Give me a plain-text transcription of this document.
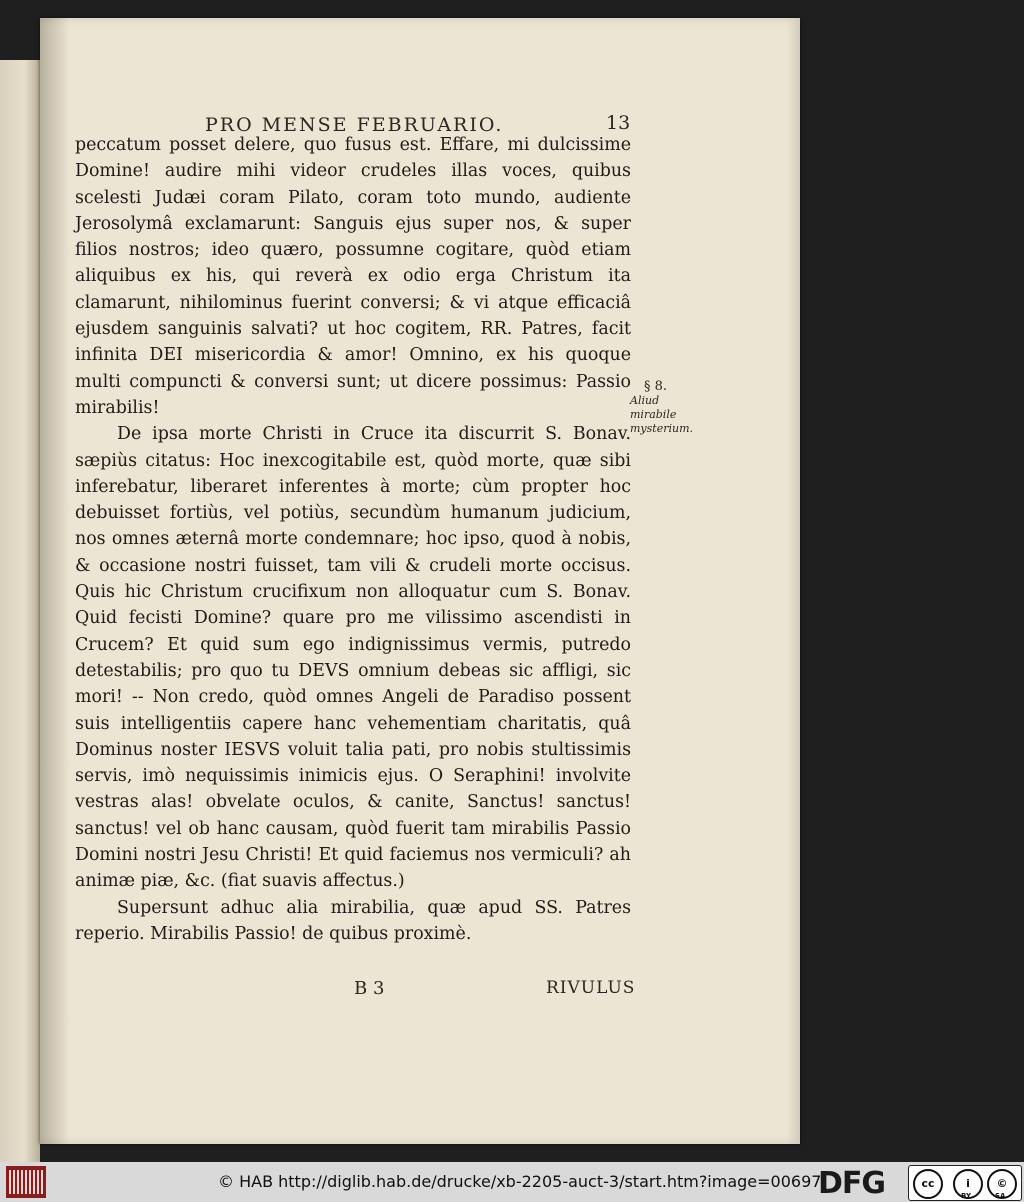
PRO MENSE FEBRUARIO.	13

peccatum posset delere, quo fusus est. Effare, mi dulcissime Domine! audire mihi videor crudeles illas voces, quibus scelesti Judæi coram Pilato, coram toto mundo, audiente Jerosolymâ exclamarunt: Sanguis ejus super nos, & super filios nostros; ideo quæro, possumne cogitare, quòd etiam aliquibus ex his, qui reverà ex odio erga Christum ita clamarunt, nihilominus fuerint conversi; & vi atque efficaciâ ejusdem sanguinis salvati? ut hoc cogitem, RR. Patres, facit infinita DEI misericordia & amor! Omnino, ex his quoque multi compuncti & conversi sunt; ut dicere possimus: Passio mirabilis!

De ipsa morte Christi in Cruce ita discurrit S. Bonav. sæpiùs citatus: Hoc inexcogitabile est, quòd morte, quæ sibi inferebatur, liberaret inferentes à morte; cùm propter hoc debuisset fortiùs, vel potiùs, secundùm humanum judicium, nos omnes æternâ morte condemnare; hoc ipso, quod à nobis, & occasione nostri fuisset, tam vili & crudeli morte occisus. Quis hic Christum crucifixum non alloquatur cum S. Bonav. Quid fecisti Domine? quare pro me vilissimo ascendisti in Crucem? Et quid sum ego indignissimus vermis, putredo detestabilis; pro quo tu DEVS omnium debeas sic affligi, sic mori! -- Non credo, quòd omnes Angeli de Paradiso possent suis intelligentiis capere hanc vehementiam charitatis, quâ Dominus noster IESVS voluit talia pati, pro nobis stultissimis servis, imò nequissimis inimicis ejus. O Seraphini! involvite vestras alas! obvelate oculos, & canite, Sanctus! sanctus! sanctus! vel ob hanc causam, quòd fuerit tam mirabilis Passio Domini nostri Jesu Christi! Et quid faciemus nos vermiculi? ah animæ piæ, &c. (fiat suavis affectus.)

Supersunt adhuc alia mirabilia, quæ apud SS. Patres reperio. Mirabilis Passio! de quibus proximè.

§ 8.
Aliud mirabile mysterium.
B 3	RIVULUS
© HAB http://diglib.hab.de/drucke/xb-2205-auct-3/start.htm?image=00697
DFG	cc	i	©
BY	SA
